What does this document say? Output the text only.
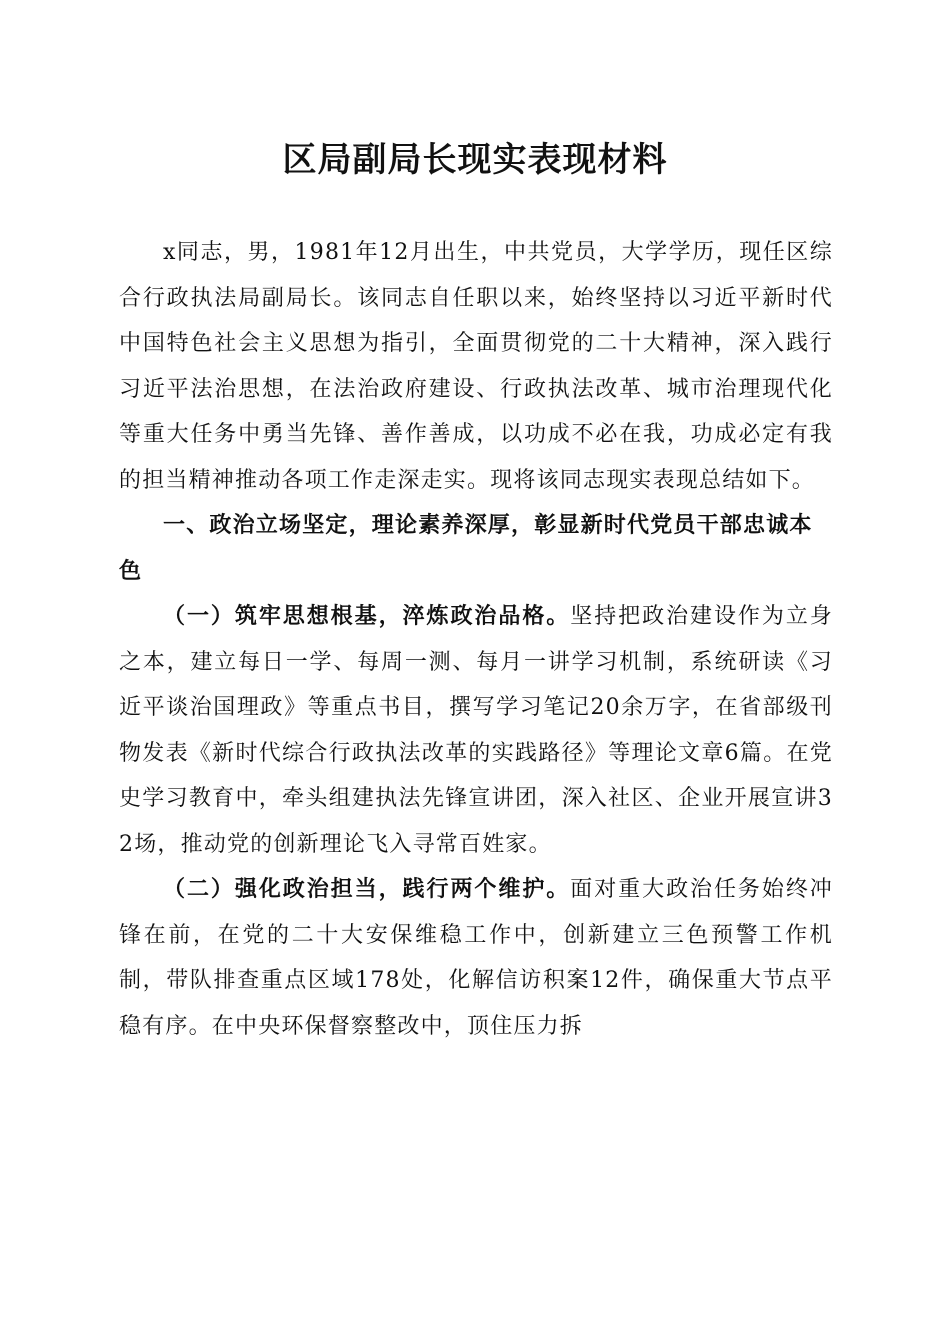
区局副局长现实表现材料

x同志，男，1981年12月出生，中共党员，大学学历，现任区综合行政执法局副局长。该同志自任职以来，始终坚持以习近平新时代中国特色社会主义思想为指引，全面贯彻党的二十大精神，深入践行习近平法治思想，在法治政府建设、行政执法改革、城市治理现代化等重大任务中勇当先锋、善作善成，以功成不必在我，功成必定有我的担当精神推动各项工作走深走实。现将该同志现实表现总结如下。

一、政治立场坚定，理论素养深厚，彰显新时代党员干部忠诚本色

（一）筑牢思想根基，淬炼政治品格。坚持把政治建设作为立身之本，建立每日一学、每周一测、每月一讲学习机制，系统研读《习近平谈治国理政》等重点书目，撰写学习笔记20余万字，在省部级刊物发表《新时代综合行政执法改革的实践路径》等理论文章6篇。在党史学习教育中，牵头组建执法先锋宣讲团，深入社区、企业开展宣讲32场，推动党的创新理论飞入寻常百姓家。

（二）强化政治担当，践行两个维护。面对重大政治任务始终冲锋在前，在党的二十大安保维稳工作中，创新建立三色预警工作机制，带队排查重点区域178处，化解信访积案12件，确保重大节点平稳有序。在中央环保督察整改中，顶住压力拆
